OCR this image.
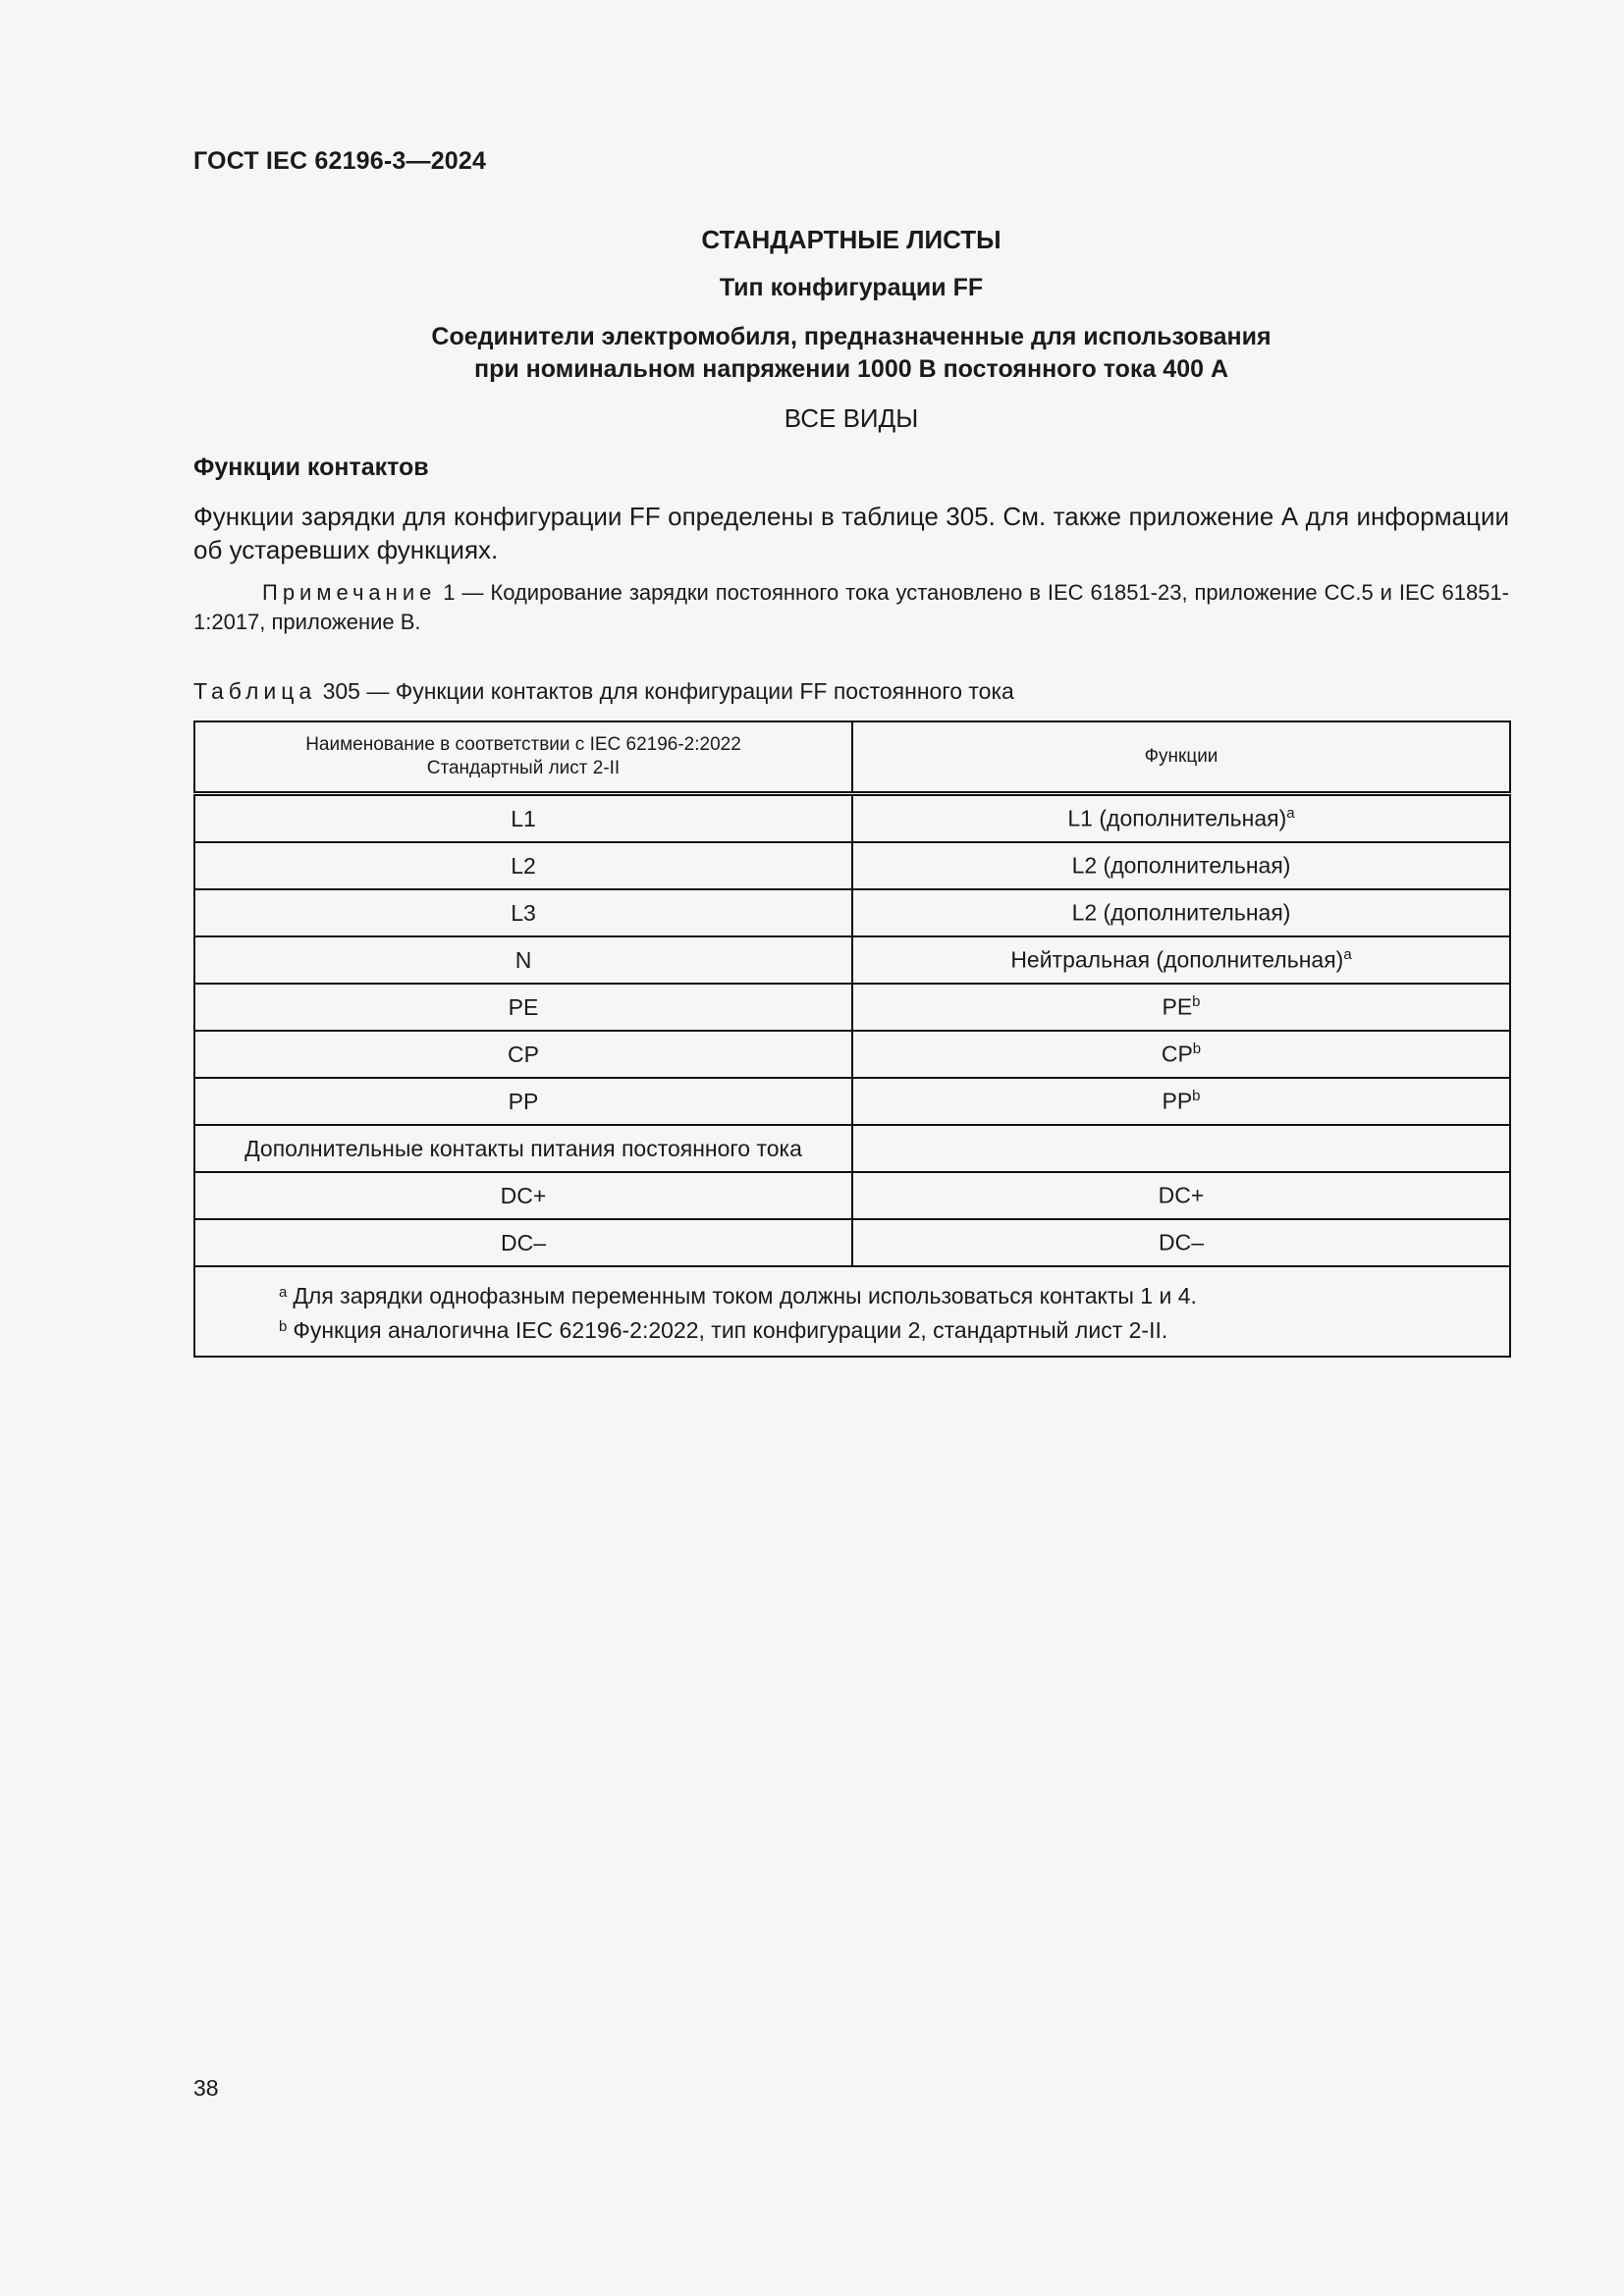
ГОСТ IEC 62196-3—2024
СТАНДАРТНЫЕ ЛИСТЫ
Тип конфигурации FF
Соединители электромобиля, предназначенные для использования
при номинальном напряжении 1000 В постоянного тока 400 А
ВСЕ ВИДЫ
Функции контактов
Функции зарядки для конфигурации FF определены в таблице 305. См. также приложение А для информации об устаревших функциях.
Примечание 1 — Кодирование зарядки постоянного тока установлено в IEC 61851-23, приложение СС.5 и IEC 61851-1:2017, приложение В.
Таблица 305 — Функции контактов для конфигурации FF постоянного тока
Наименование в соответствии с IEC 62196-2:2022
Стандартный лист 2-II	Функции
L1	L1 (дополнительная)$^a$
L2	L2 (дополнительная)
L3	L2 (дополнительная)
N	Нейтральная (дополнительная)$^a$
PE	$PE^b$
CP	$CP^b$
PP	$PP^b$
Дополнительные контакты питания постоянного тока	
DC+	DC+
DC–	DC–

$^a$ Для зарядки однофазным переменным током должны использоваться контакты 1 и 4.
$^b$ Функция аналогична IEC 62196-2:2022, тип конфигурации 2, стандартный лист 2-II.	
38
